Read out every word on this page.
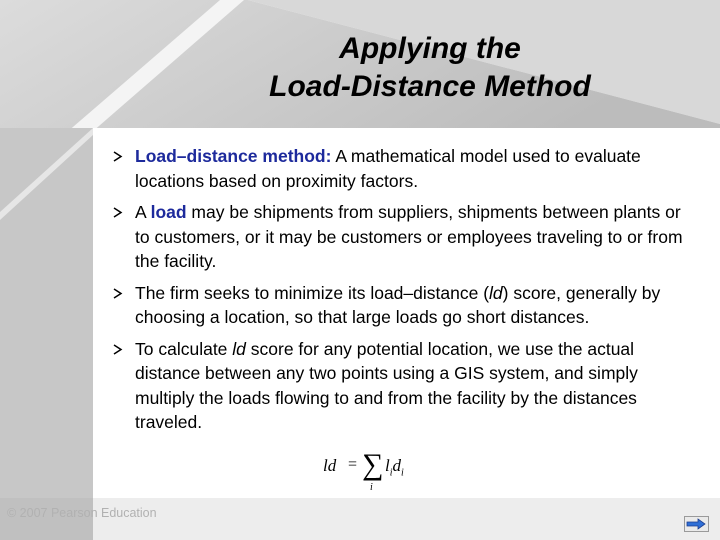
Applying the
Load-Distance Method
Load–distance method: A mathematical model used to evaluate locations based on proximity factors.
A load may be shipments from suppliers, shipments between plants or to customers, or it may be customers or employees traveling to or from the facility.
The firm seeks to minimize its load–distance (ld) score, generally by choosing a location, so that large loads go short distances.
To calculate ld score for any potential location, we use the actual distance between any two points using a GIS system, and simply multiply the loads flowing to and from the facility by the distances traveled.
ld = ∑
i
$l_id_i$
© 2007 Pearson Education
